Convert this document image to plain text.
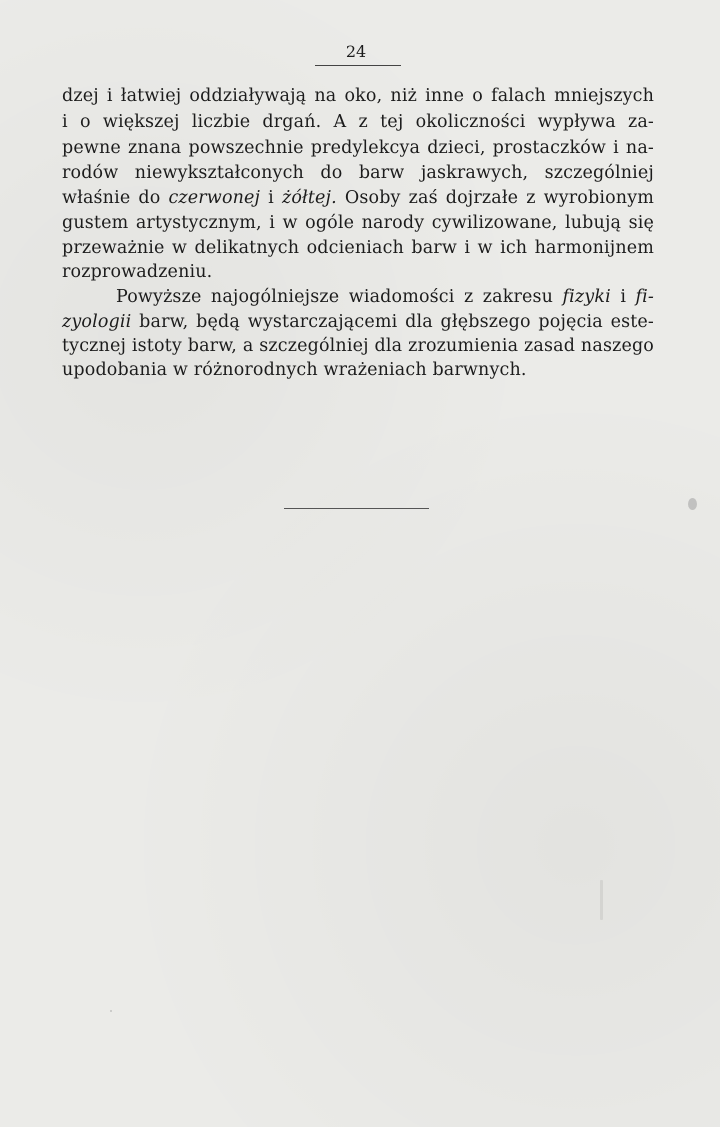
24
dzej i łatwiej oddziaływają na oko, niż inne o falach mniejszych
i o większej liczbie drgań. A z tej okoliczności wypływa za-
pewne znana powszechnie predylekcya dzieci, prostaczków i na-
rodów niewykształconych do barw jaskrawych, szczególniej
właśnie do czerwonej i żółtej. Osoby zaś dojrzałe z wyrobionym
gustem artystycznym, i w ogóle narody cywilizowane, lubują się
przeważnie w delikatnych odcieniach barw i w ich harmonijnem
rozprowadzeniu.
Powyższe najogólniejsze wiadomości z zakresu fizyki i fi-
zyologii barw, będą wystarczającemi dla głębszego pojęcia este-
tycznej istoty barw, a szczególniej dla zrozumienia zasad naszego
upodobania w różnorodnych wrażeniach barwnych.
